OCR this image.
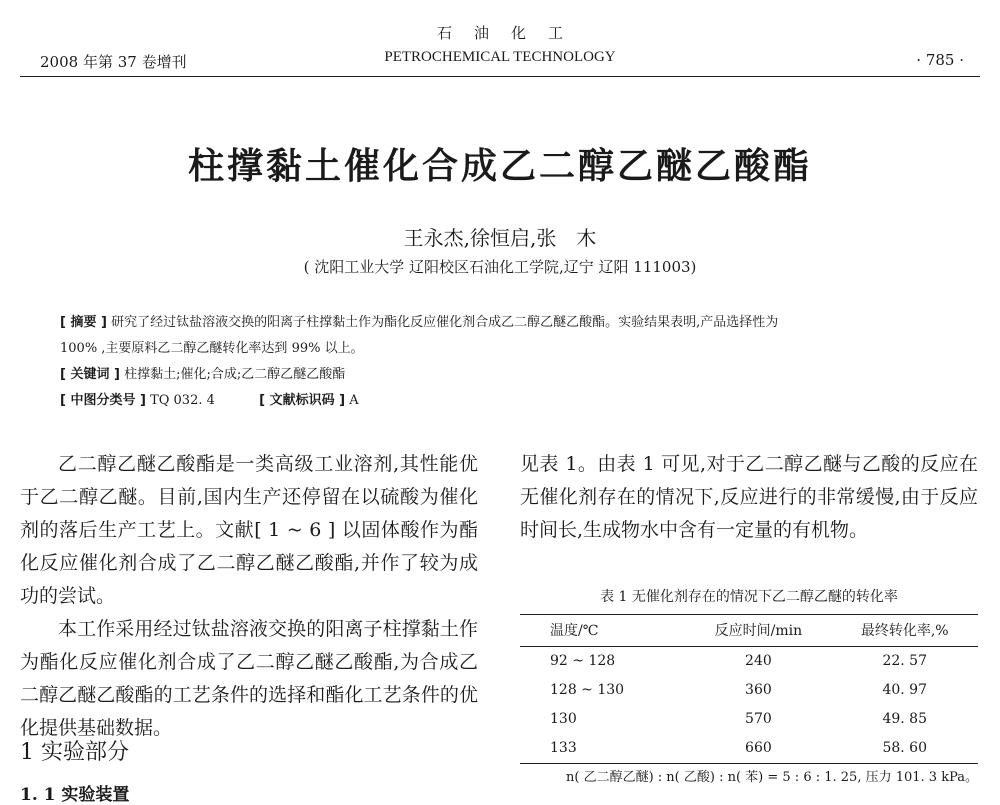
石油化工
2008 年第 37 卷增刊	PETROCHEMICAL TECHNOLOGY	· 785 ·
柱撑黏土催化合成乙二醇乙醚乙酸酯
王永杰,徐恒启,张　木
( 沈阳工业大学 辽阳校区石油化工学院,辽宁 辽阳 111003)
[ 摘要 ] 研究了经过钛盐溶液交换的阳离子柱撑黏土作为酯化反应催化剂合成乙二醇乙醚乙酸酯。实验结果表明,产品选择性为
100% ,主要原料乙二醇乙醚转化率达到 99% 以上。
[ 关键词 ] 柱撑黏土;催化;合成;乙二醇乙醚乙酸酯
[ 中图分类号 ] TQ 032. 4	[ 文献标识码 ] A

乙二醇乙醚乙酸酯是一类高级工业溶剂,其性能优于乙二醇乙醚。目前,国内生产还停留在以硫酸为催化剂的落后生产工艺上。文献[ 1 ~ 6 ] 以固体酸作为酯化反应催化剂合成了乙二醇乙醚乙酸酯,并作了较为成功的尝试。

本工作采用经过钛盐溶液交换的阳离子柱撑黏土作为酯化反应催化剂合成了乙二醇乙醚乙酸酯,为合成乙二醇乙醚乙酸酯的工艺条件的选择和酯化工艺条件的优化提供基础数据。

1 实验部分
1. 1 实验装置

见表 1。由表 1 可见,对于乙二醇乙醚与乙酸的反应在无催化剂存在的情况下,反应进行的非常缓慢,由于反应时间长,生成物水中含有一定量的有机物。

表 1 无催化剂存在的情况下乙二醇乙醚的转化率
温度/℃	反应时间/min	最终转化率,%
92 ~ 128	240	22. 57
128 ~ 130	360	40. 97
130	570	49. 85
133	660	58. 60
n( 乙二醇乙醚) : n( 乙酸) : n( 苯) = 5 : 6 : 1. 25, 压力 101. 3 kPa。
